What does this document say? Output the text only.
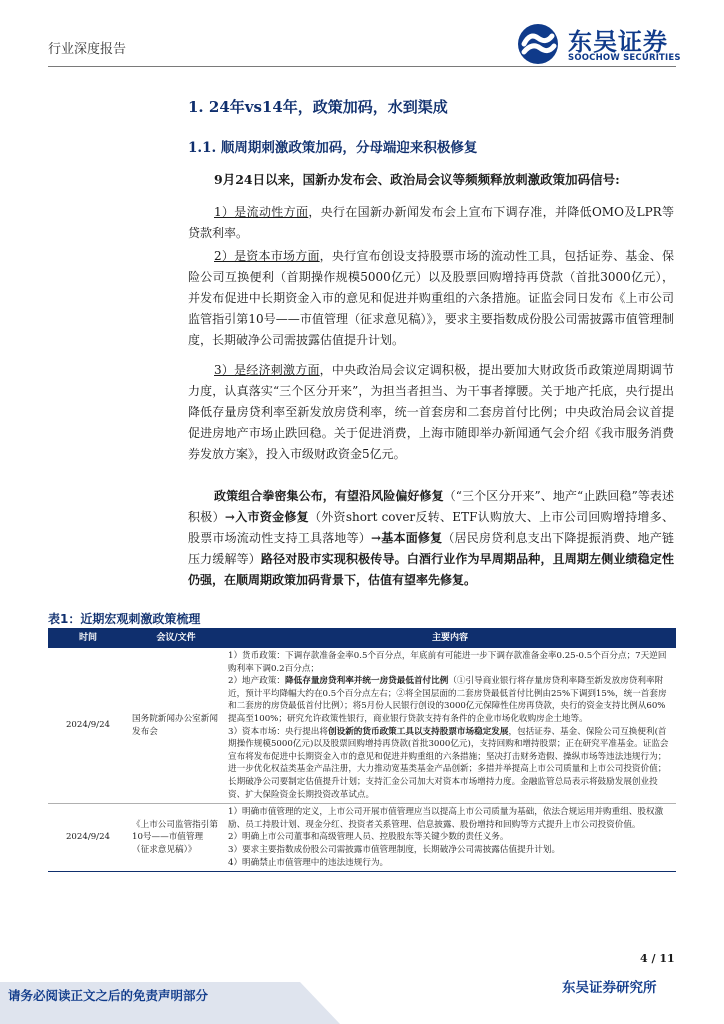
行业深度报告	东吴证券
SOOCHOW SECURITIES
1. 24年vs14年，政策加码，水到渠成
1.1. 顺周期刺激政策加码，分母端迎来积极修复
9月24日以来，国新办发布会、政治局会议等频频释放刺激政策加码信号:
1）是流动性方面，央行在国新办新闻发布会上宣布下调存准，并降低OMO及LPR等贷款利率。
2）是资本市场方面，央行宣布创设支持股票市场的流动性工具，包括证券、基金、保险公司互换便利（首期操作规模5000亿元）以及股票回购增持再贷款（首批3000亿元），并发布促进中长期资金入市的意见和促进并购重组的六条措施。证监会同日发布《上市公司监管指引第10号——市值管理（征求意见稿）》，要求主要指数成份股公司需披露市值管理制度，长期破净公司需披露估值提升计划。
3）是经济刺激方面，中央政治局会议定调积极，提出要加大财政货币政策逆周期调节力度，认真落实“三个区分开来”，为担当者担当、为干事者撑腰。关于地产托底，央行提出降低存量房贷利率至新发放房贷利率，统一首套房和二套房首付比例；中央政治局会议首提促进房地产市场止跌回稳。关于促进消费，上海市随即举办新闻通气会介绍《我市服务消费券发放方案》，投入市级财政资金5亿元。
政策组合拳密集公布，有望沿风险偏好修复（“三个区分开来”、地产“止跌回稳”等表述积极）→入市资金修复（外资short cover反转、ETF认购放大、上市公司回购增持增多、股票市场流动性支持工具落地等）→基本面修复（居民房贷利息支出下降提振消费、地产链压力缓解等）路径对股市实现积极传导。白酒行业作为早周期品种，且周期左侧业绩稳定性仍强，在顺周期政策加码背景下，估值有望率先修复。
表1：近期宏观刺激政策梳理
时间	会议/文件	主要内容
2024/9/24	国务院新闻办公室新闻发布会	1）货币政策：下调存款准备金率0.5个百分点，年底前有可能进一步下调存款准备金率0.25-0.5个百分点；7天逆回购利率下调0.2百分点；
2）地产政策：降低存量房贷利率并统一房贷最低首付比例（①引导商业银行将存量房贷利率降至新发放房贷利率附近，预计平均降幅大约在0.5个百分点左右；②将全国层面的二套房贷最低首付比例由25%下调到15%，统一首套房和二套房的房贷最低首付比例）；将5月份人民银行创设的3000亿元保障性住房再贷款，央行的资金支持比例从60%提高至100%；研究允许政策性银行，商业银行贷款支持有条件的企业市场化收购房企土地等。
3）资本市场：央行提出将创设新的货币政策工具以支持股票市场稳定发展，包括证券、基金、保险公司互换便利(首期操作规模5000亿元)以及股票回购增持再贷款(首批3000亿元)，支持回购和增持股票；正在研究平准基金。证监会宣布将发布促进中长期资金入市的意见和促进并购重组的六条措施；坚决打击财务造假、操纵市场等违法违规行为；进一步优化权益类基金产品注册，大力推动宽基类基金产品创新；多措并举提高上市公司质量和上市公司投资价值；长期破净公司要制定估值提升计划；支持汇金公司加大对资本市场增持力度。金融监管总局表示将鼓励发展创业投资、扩大保险资金长期投资改革试点。

2024/9/24	《上市公司监管指引第10号——市值管理（征求意见稿）》	1）明确市值管理的定义，上市公司开展市值管理应当以提高上市公司质量为基础，依法合规运用并购重组、股权激励、员工持股计划、现金分红、投资者关系管理、信息披露、股份增持和回购等方式提升上市公司投资价值。
2）明确上市公司董事和高级管理人员、控股股东等关键少数的责任义务。
3）要求主要指数成份股公司需披露市值管理制度，长期破净公司需披露估值提升计划。
4）明确禁止市值管理中的违法违规行为。
4 / 11
请务必阅读正文之后的免责声明部分	东吴证券研究所
